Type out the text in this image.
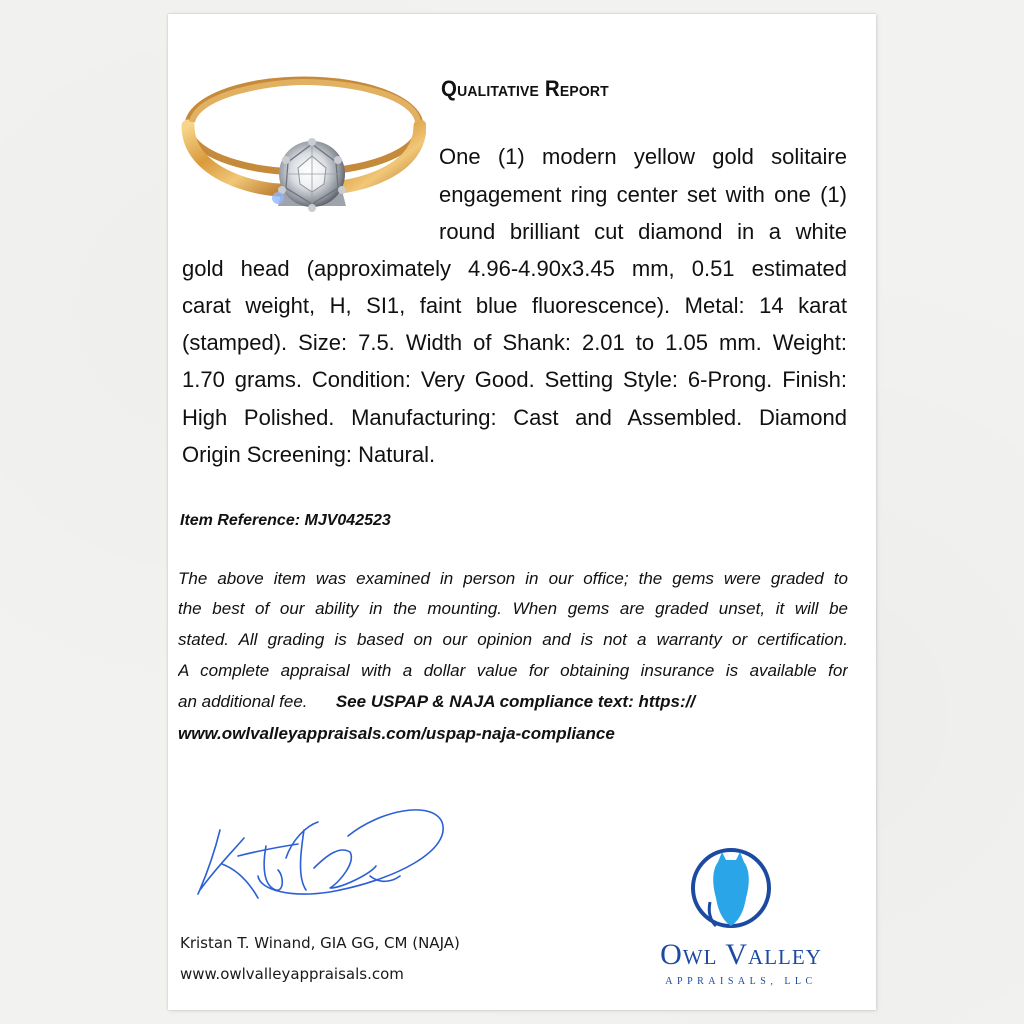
Qualitative Report
One (1) modern yellow gold solitaire
engagement ring center set with one (1)
round brilliant cut diamond in a white
gold head (approximately 4.96-4.90x3.45 mm, 0.51 estimated
carat weight, H, SI1, faint blue fluorescence). Metal: 14 karat
(stamped). Size: 7.5. Width of Shank: 2.01 to 1.05 mm. Weight:
1.70 grams. Condition: Very Good. Setting Style: 6-Prong. Finish:
High Polished. Manufacturing: Cast and Assembled. Diamond
Origin Screening: Natural.
Item Reference: MJV042523
The above item was examined in person in our office; the gems were graded to
the best of our ability in the mounting. When gems are graded unset, it will be
stated. All grading is based on our opinion and is not a warranty or certification.
A complete appraisal with a dollar value for obtaining insurance is available for
an additional fee. See USPAP & NAJA compliance text: https://
www.owlvalleyappraisals.com/uspap-naja-compliance
Kristan T. Winand, GIA GG, CM (NAJA)
www.owlvalleyappraisals.com
Owl Valley
APPRAISALS, LLC
